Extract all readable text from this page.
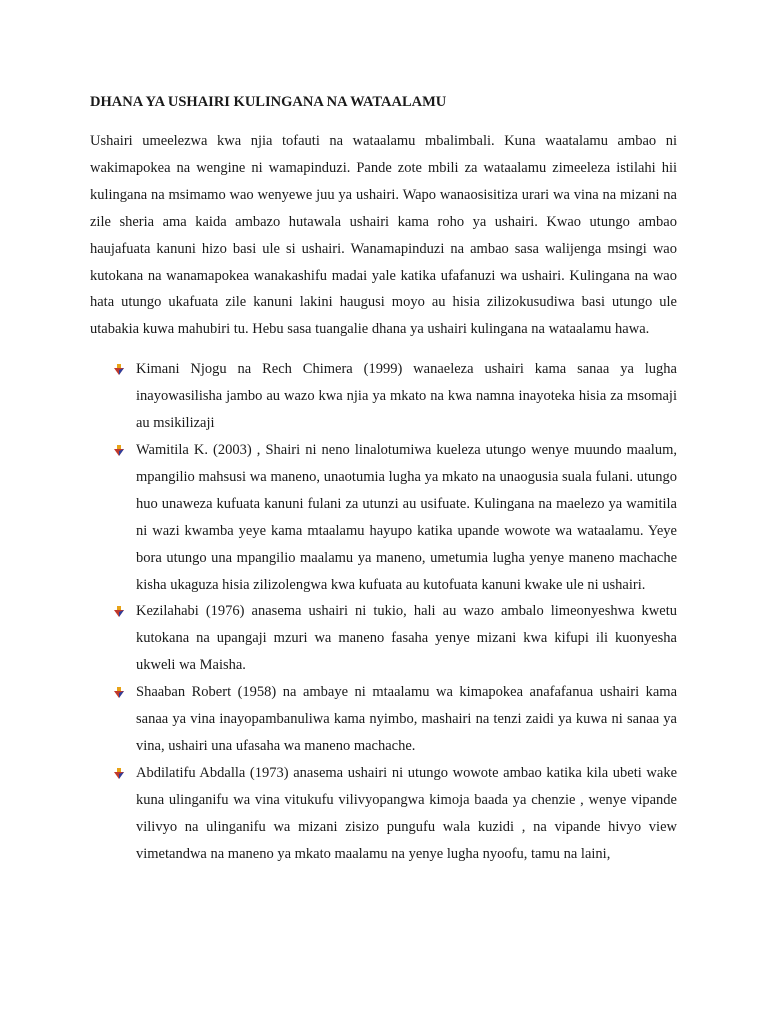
DHANA YA USHAIRI KULINGANA NA WATAALAMU

Ushairi umeelezwa kwa njia tofauti na wataalamu mbalimbali. Kuna waatalamu ambao ni wakimapokea na wengine ni wamapinduzi. Pande zote mbili za wataalamu zimeeleza istilahi hii kulingana na msimamo wao wenyewe juu ya ushairi. Wapo wanaosisitiza urari wa vina na mizani na zile sheria ama kaida ambazo hutawala ushairi kama roho ya ushairi. Kwao utungo ambao haujafuata kanuni hizo basi ule si ushairi. Wanamapinduzi na ambao sasa walijenga msingi wao kutokana na wanamapokea wanakashifu madai yale katika ufafanuzi wa ushairi. Kulingana na wao hata utungo ukafuata zile kanuni lakini haugusi moyo au hisia zilizokusudiwa basi utungo ule utabakia kuwa mahubiri tu. Hebu sasa tuangalie dhana ya ushairi kulingana na wataalamu hawa.

Kimani Njogu na Rech Chimera (1999) wanaeleza ushairi kama sanaa ya lugha inayowasilisha jambo au wazo kwa njia ya mkato na kwa namna inayoteka hisia za msomaji au msikilizaji
Wamitila K. (2003) , Shairi ni neno linalotumiwa kueleza utungo wenye muundo maalum, mpangilio mahsusi wa maneno, unaotumia lugha ya mkato na unaogusia suala fulani. utungo huo unaweza kufuata kanuni fulani za utunzi au usifuate. Kulingana na maelezo ya wamitila ni wazi kwamba yeye kama mtaalamu hayupo katika upande wowote wa wataalamu. Yeye bora utungo una mpangilio maalamu ya maneno, umetumia lugha yenye maneno machache kisha ukaguza hisia zilizolengwa kwa kufuata au kutofuata kanuni kwake ule ni ushairi.
Kezilahabi (1976) anasema ushairi ni tukio, hali au wazo ambalo limeonyeshwa kwetu kutokana na upangaji mzuri wa maneno fasaha yenye mizani kwa kifupi ili kuonyesha ukweli wa Maisha.
Shaaban Robert (1958) na ambaye ni mtaalamu wa kimapokea anafafanua ushairi kama sanaa ya vina inayopambanuliwa kama nyimbo, mashairi na tenzi zaidi ya kuwa ni sanaa ya vina, ushairi una ufasaha wa maneno machache.
Abdilatifu Abdalla (1973) anasema ushairi ni utungo wowote ambao katika kila ubeti wake kuna ulinganifu wa vina vitukufu vilivyopangwa kimoja baada ya chenzie , wenye vipande vilivyo na ulinganifu wa mizani zisizo pungufu wala kuzidi , na vipande hivyo view vimetandwa na maneno ya mkato maalamu na yenye lugha nyoofu, tamu na laini,
